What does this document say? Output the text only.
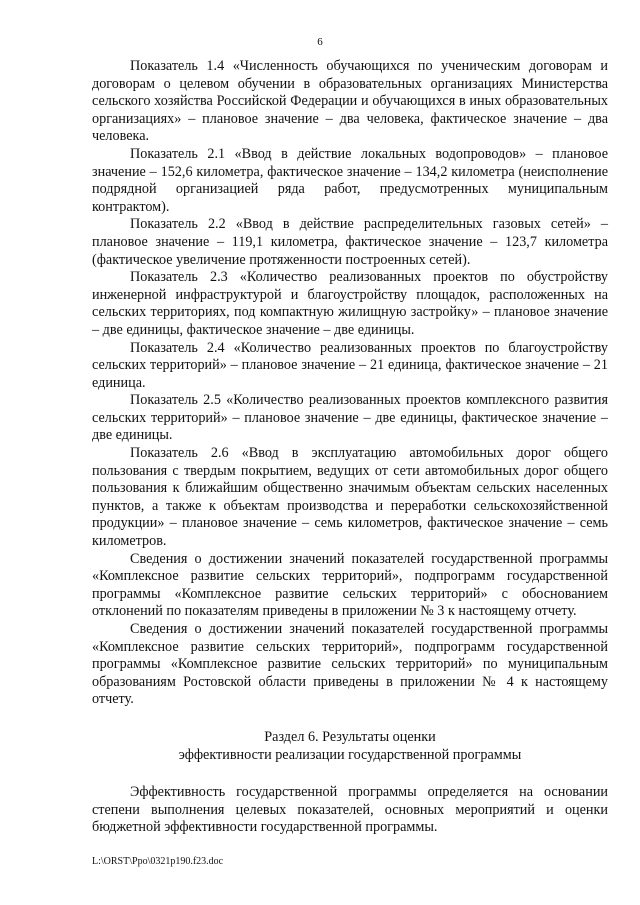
6

Показатель 1.4 «Численность обучающихся по ученическим договорам и договорам о целевом обучении в образовательных организациях Министерства сельского хозяйства Российской Федерации и обучающихся в иных образовательных организациях» – плановое значение – два человека, фактическое значение – два человека.

Показатель 2.1 «Ввод в действие локальных водопроводов» – плановое значение – 152,6 километра, фактическое значение – 134,2 километра (неисполнение подрядной организацией ряда работ, предусмотренных муниципальным контрактом).

Показатель 2.2 «Ввод в действие распределительных газовых сетей» – плановое значение – 119,1 километра, фактическое значение – 123,7 километра (фактическое увеличение протяженности построенных сетей).

Показатель 2.3 «Количество реализованных проектов по обустройству инженерной инфраструктурой и благоустройству площадок, расположенных на сельских территориях, под компактную жилищную застройку» – плановое значение – две единицы, фактическое значение – две единицы.

Показатель 2.4 «Количество реализованных проектов по благоустройству сельских территорий» – плановое значение – 21 единица, фактическое значение – 21 единица.

Показатель 2.5 «Количество реализованных проектов комплексного развития сельских территорий» – плановое значение – две единицы, фактическое значение – две единицы.

Показатель 2.6 «Ввод в эксплуатацию автомобильных дорог общего пользования с твердым покрытием, ведущих от сети автомобильных дорог общего пользования к ближайшим общественно значимым объектам сельских населенных пунктов, а также к объектам производства и переработки сельскохозяйственной продукции» – плановое значение – семь километров, фактическое значение – семь километров.

Сведения о достижении значений показателей государственной программы «Комплексное развитие сельских территорий», подпрограмм государственной программы «Комплексное развитие сельских территорий» с обоснованием отклонений по показателям приведены в приложении № 3 к настоящему отчету.

Сведения о достижении значений показателей государственной программы «Комплексное развитие сельских территорий», подпрограмм государственной программы «Комплексное развитие сельских территорий» по муниципальным образованиям Ростовской области приведены в приложении № 4 к настоящему отчету.

Раздел 6. Результаты оценки
эффективности реализации государственной программы

Эффективность государственной программы определяется на основании степени выполнения целевых показателей, основных мероприятий и оценки бюджетной эффективности государственной программы.

L:\ORST\Ppo\0321p190.f23.doc
